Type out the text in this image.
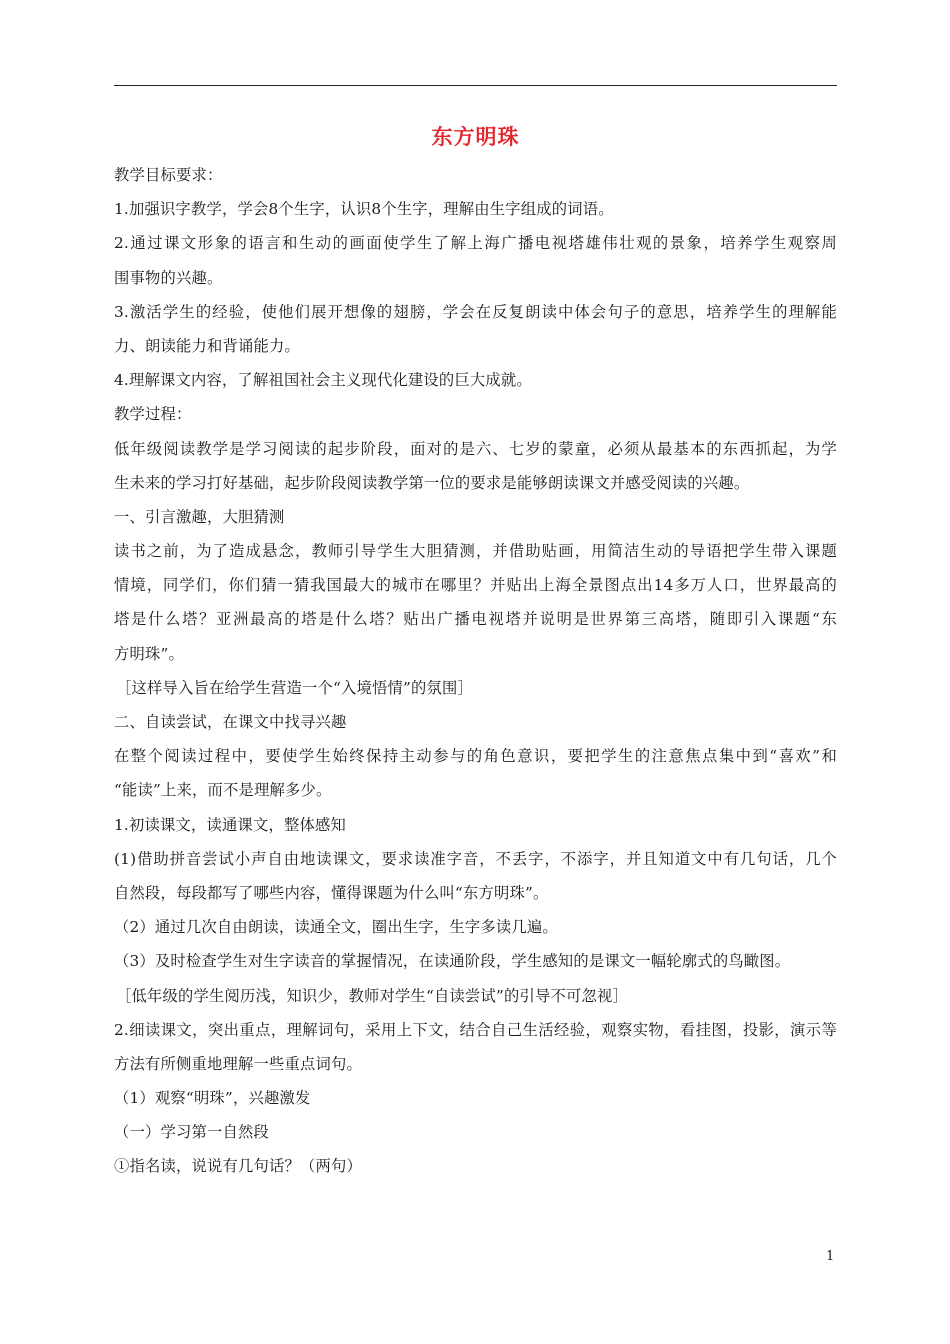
东方明珠
教学目标要求：
1.加强识字教学，学会8个生字，认识8个生字，理解由生字组成的词语。
2.通过课文形象的语言和生动的画面使学生了解上海广播电视塔雄伟壮观的景象，培养学生观察周
围事物的兴趣。
3.激活学生的经验，使他们展开想像的翅膀，学会在反复朗读中体会句子的意思，培养学生的理解能
力、朗读能力和背诵能力。
4.理解课文内容，了解祖国社会主义现代化建设的巨大成就。
教学过程：
低年级阅读教学是学习阅读的起步阶段，面对的是六、七岁的蒙童，必须从最基本的东西抓起，为学
生未来的学习打好基础，起步阶段阅读教学第一位的要求是能够朗读课文并感受阅读的兴趣。
一、引言激趣，大胆猜测
读书之前，为了造成悬念，教师引导学生大胆猜测，并借助贴画，用简洁生动的导语把学生带入课题
情境，同学们，你们猜一猜我国最大的城市在哪里？并贴出上海全景图点出14多万人口，世界最高的
塔是什么塔？亚洲最高的塔是什么塔？贴出广播电视塔并说明是世界第三高塔，随即引入课题“东
方明珠”。
［这样导入旨在给学生营造一个“入境悟情”的氛围］
二、自读尝试，在课文中找寻兴趣
在整个阅读过程中，要使学生始终保持主动参与的角色意识，要把学生的注意焦点集中到“喜欢”和
“能读”上来，而不是理解多少。
1.初读课文，读通课文，整体感知
(1)借助拼音尝试小声自由地读课文，要求读准字音，不丢字，不添字，并且知道文中有几句话，几个
自然段，每段都写了哪些内容，懂得课题为什么叫“东方明珠”。
（2）通过几次自由朗读，读通全文，圈出生字，生字多读几遍。
（3）及时检查学生对生字读音的掌握情况，在读通阶段，学生感知的是课文一幅轮廓式的鸟瞰图。
［低年级的学生阅历浅，知识少，教师对学生“自读尝试”的引导不可忽视］
2.细读课文，突出重点，理解词句，采用上下文，结合自己生活经验，观察实物，看挂图，投影，演示等
方法有所侧重地理解一些重点词句。
（1）观察“明珠”，兴趣激发
（一）学习第一自然段
①指名读，说说有几句话？（两句）
1
